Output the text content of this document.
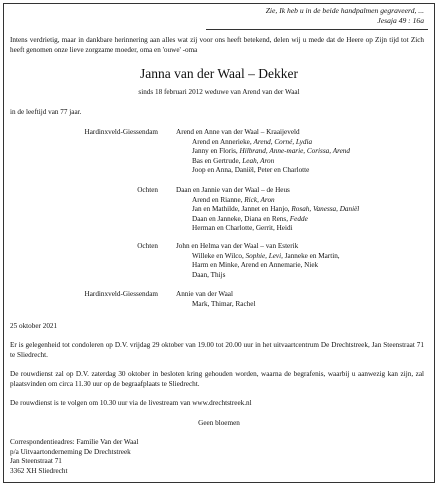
Zie, Ik heb u in de beide handpalmen gegraveerd, ...
Jesaja 49 : 16a
Intens verdrietig, maar in dankbare herinnering aan alles wat zij voor ons heeft betekend, delen wij u mede dat de Heere op Zijn tijd tot Zich heeft genomen onze lieve zorgzame moeder, oma en 'ouwe' -oma
Janna van der Waal – Dekker
sinds 18 februari 2012 weduwe van Arend van der Waal
in de leeftijd van 77 jaar.
Hardinxveld-Giessendam	Arend en Anne van der Waal – Kraaijeveld
Arend en Annerieke, Arend, Corné, Lydia
Janny en Floris, Hilbrand, Anne-marie, Corissa, Arend
Bas en Gertrude, Leah, Aron
Joop en Anna, Daniël, Peter en Charlotte
Ochten	Daan en Jannie van der Waal – de Heus
Arend en Rianne, Rick, Aron
Jan en Mathilde, Jannet en Hanjo, Rosah, Vanessa, Daniël
Daan en Janneke, Diana en Rens, Fedde
Herman en Charlotte, Gerrit, Heidi
Ochten	John en Helma van der Waal – van Esterik
Willeke en Wilco, Sophie, Levi, Janneke en Martin,
Harm en Minke, Arend en Annemarie, Niek
Daan, Thijs
Hardinxveld-Giessendam	Annie van der Waal
Mark, Thimar, Rachel
25 oktober 2021
Er is gelegenheid tot condoleren op D.V. vrijdag 29 oktober van 19.00 tot 20.00 uur in het uitvaartcentrum De Drechtstreek, Jan Steenstraat 71 te Sliedrecht.
De rouwdienst zal op D.V. zaterdag 30 oktober in besloten kring gehouden worden, waarna de begrafenis, waarbij u aanwezig kan zijn, zal plaatsvinden om circa 11.30 uur op de begraafplaats te Sliedrecht.
De rouwdienst is te volgen om 10.30 uur via de livestream van www.drechtstreek.nl
Geen bloemen
Correspondentieadres: Familie Van der Waal
p/a Uitvaartonderneming De Drechtstreek
Jan Steenstraat 71
3362 XH Sliedrecht
